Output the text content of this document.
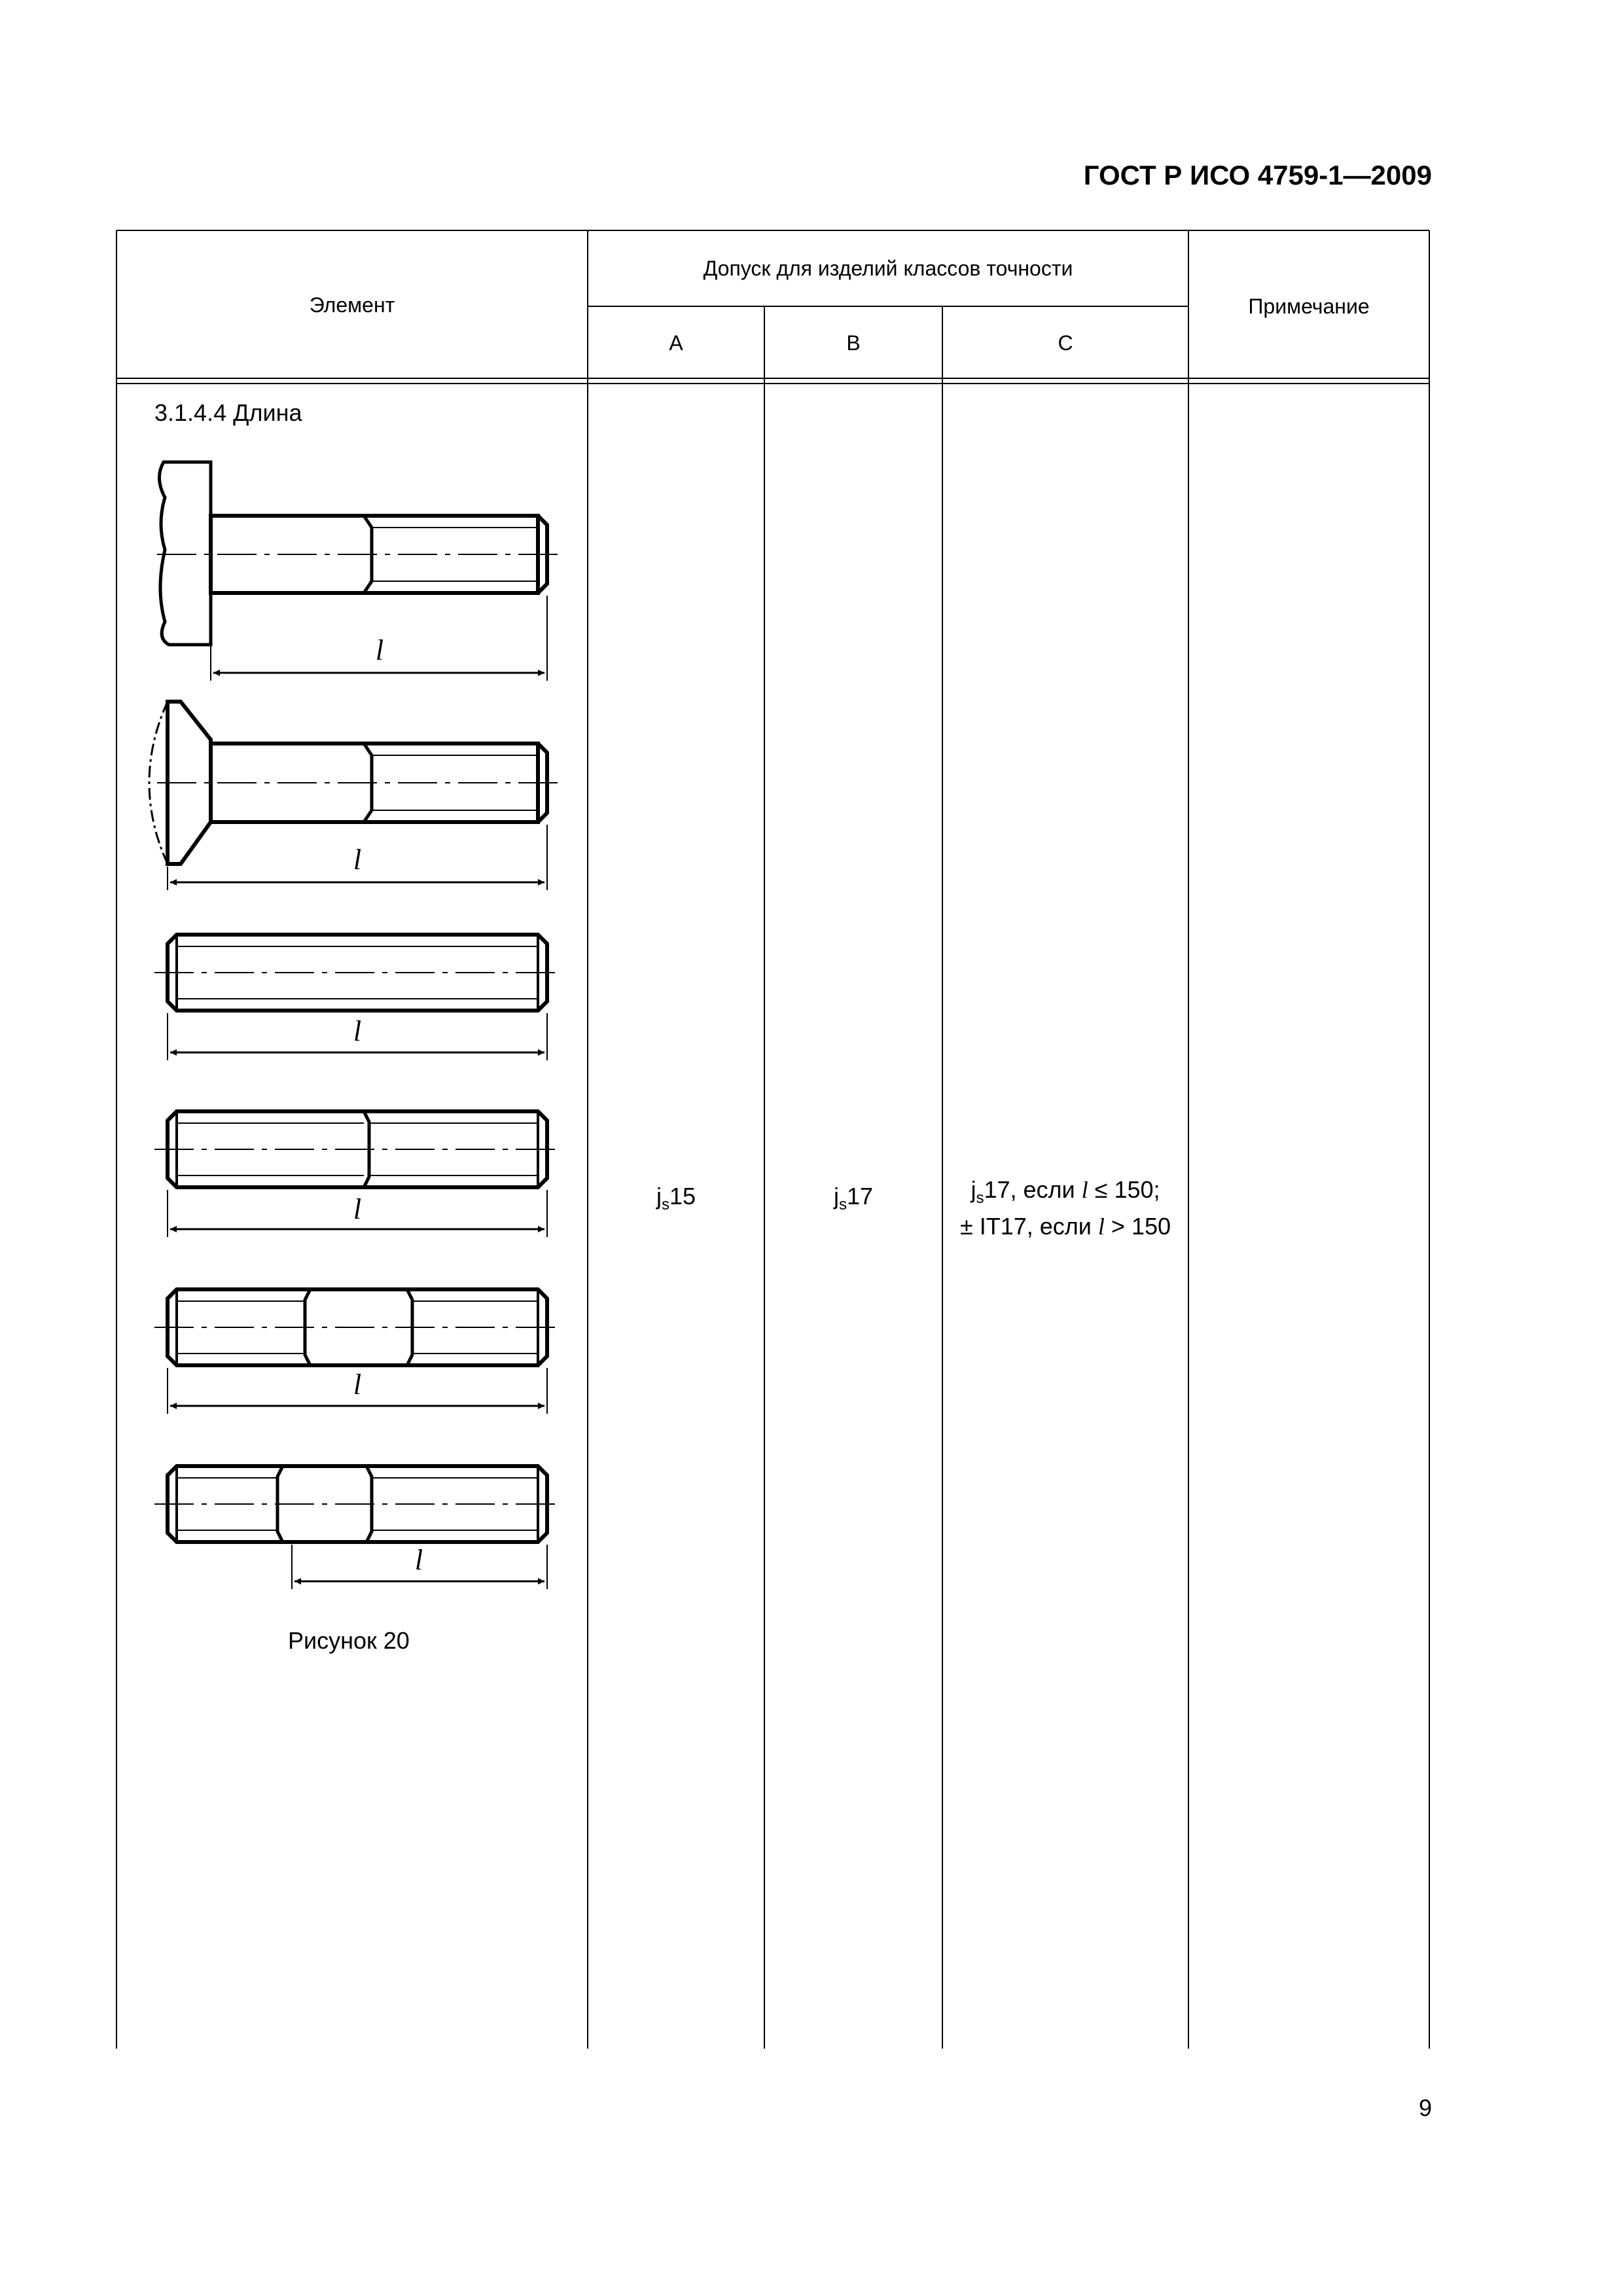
ГОСТ Р ИСО 4759-1—2009
Элемент
Допуск для изделий классов точности
A	B	C
Примечание
3.1.4.4 Длина
l
l
l
l
l
l
Рисунок 20
$j_s15$	$j_s17$	$j_s17$, если l ≤ 150;
± IT17, если l > 150
9
